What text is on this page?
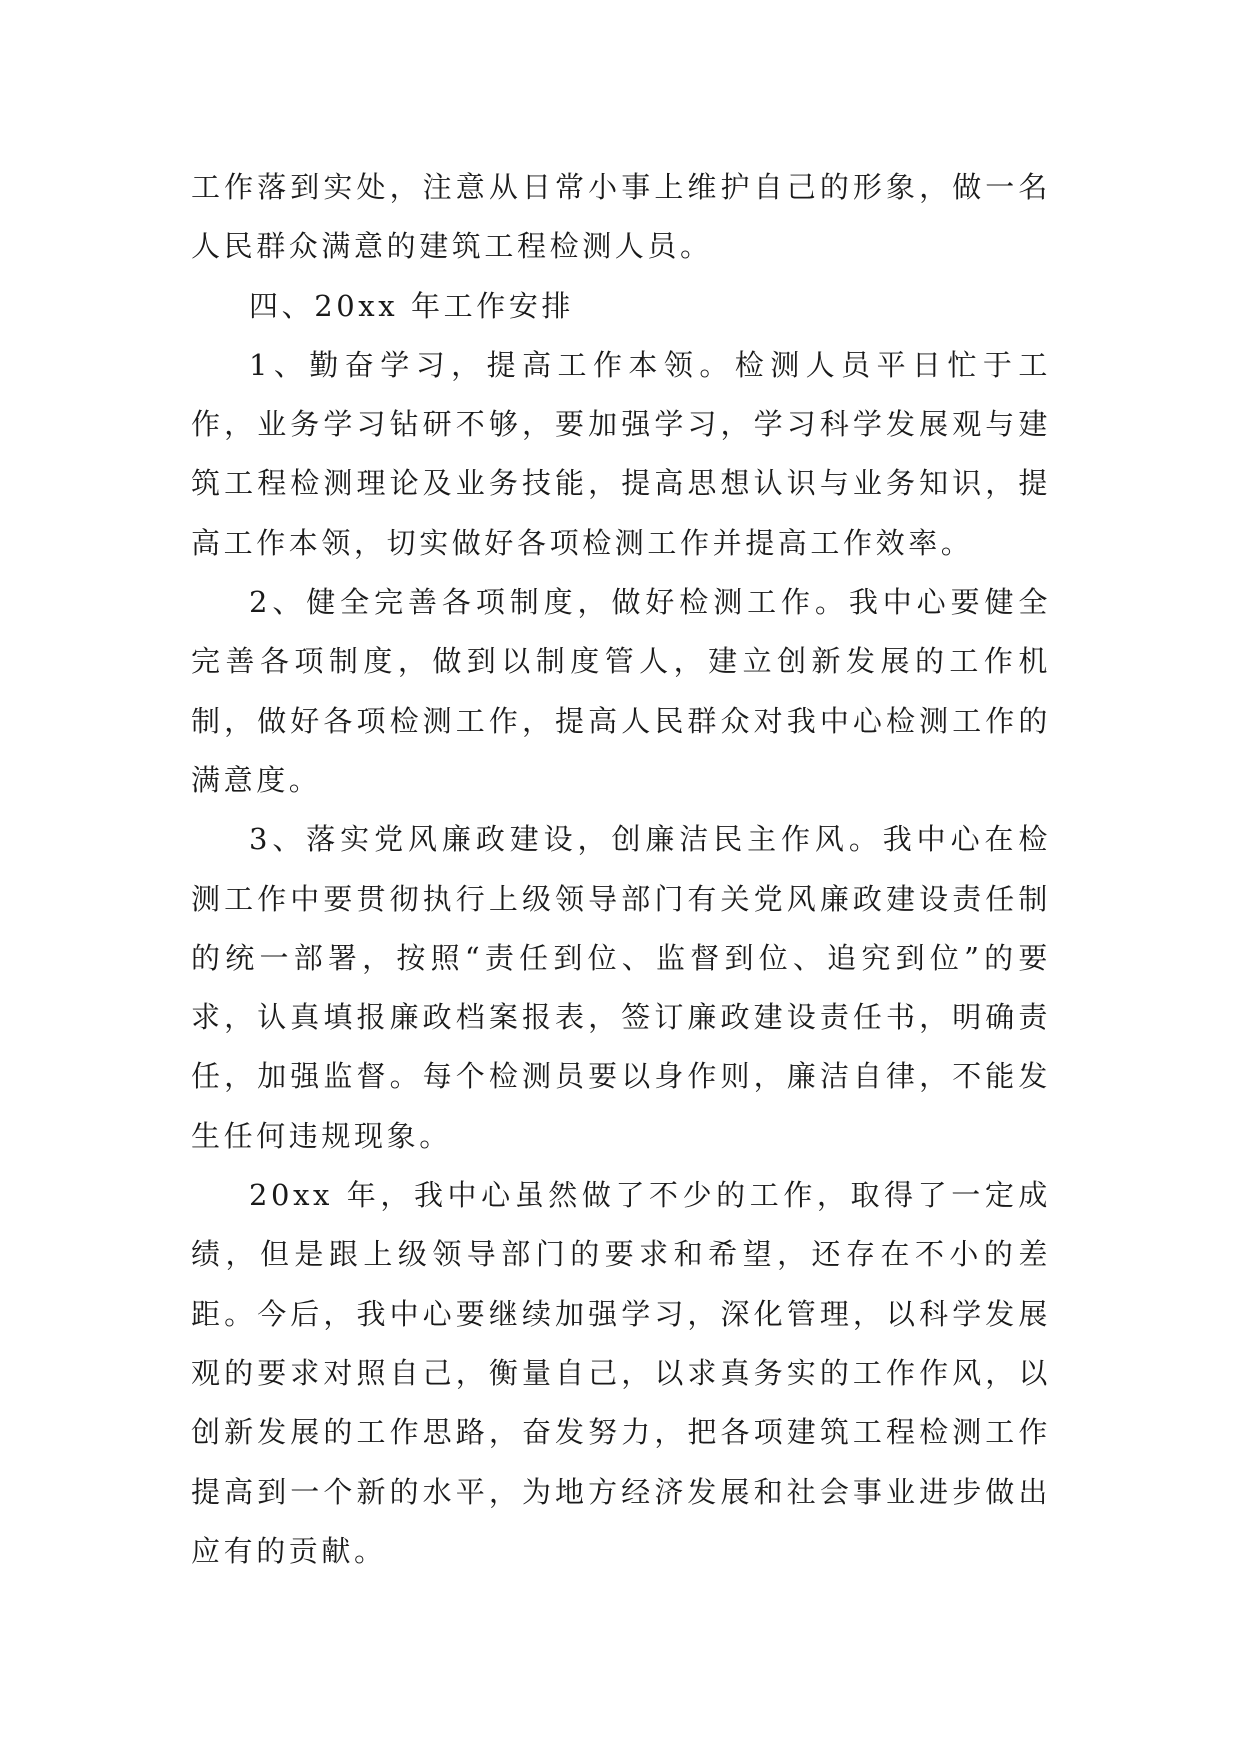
工作落到实处，注意从日常小事上维护自己的形象，做一名人民群众满意的建筑工程检测人员。

四、20xx 年工作安排

1、勤奋学习，提高工作本领。检测人员平日忙于工作，业务学习钻研不够，要加强学习，学习科学发展观与建筑工程检测理论及业务技能，提高思想认识与业务知识，提高工作本领，切实做好各项检测工作并提高工作效率。

2、健全完善各项制度，做好检测工作。我中心要健全完善各项制度，做到以制度管人，建立创新发展的工作机制，做好各项检测工作，提高人民群众对我中心检测工作的满意度。

3、落实党风廉政建设，创廉洁民主作风。我中心在检测工作中要贯彻执行上级领导部门有关党风廉政建设责任制的统一部署，按照“责任到位、监督到位、追究到位”的要求，认真填报廉政档案报表，签订廉政建设责任书，明确责任，加强监督。每个检测员要以身作则，廉洁自律，不能发生任何违规现象。

20xx 年，我中心虽然做了不少的工作，取得了一定成绩，但是跟上级领导部门的要求和希望，还存在不小的差距。今后，我中心要继续加强学习，深化管理，以科学发展观的要求对照自己，衡量自己，以求真务实的工作作风，以创新发展的工作思路，奋发努力，把各项建筑工程检测工作提高到一个新的水平，为地方经济发展和社会事业进步做出应有的贡献。
